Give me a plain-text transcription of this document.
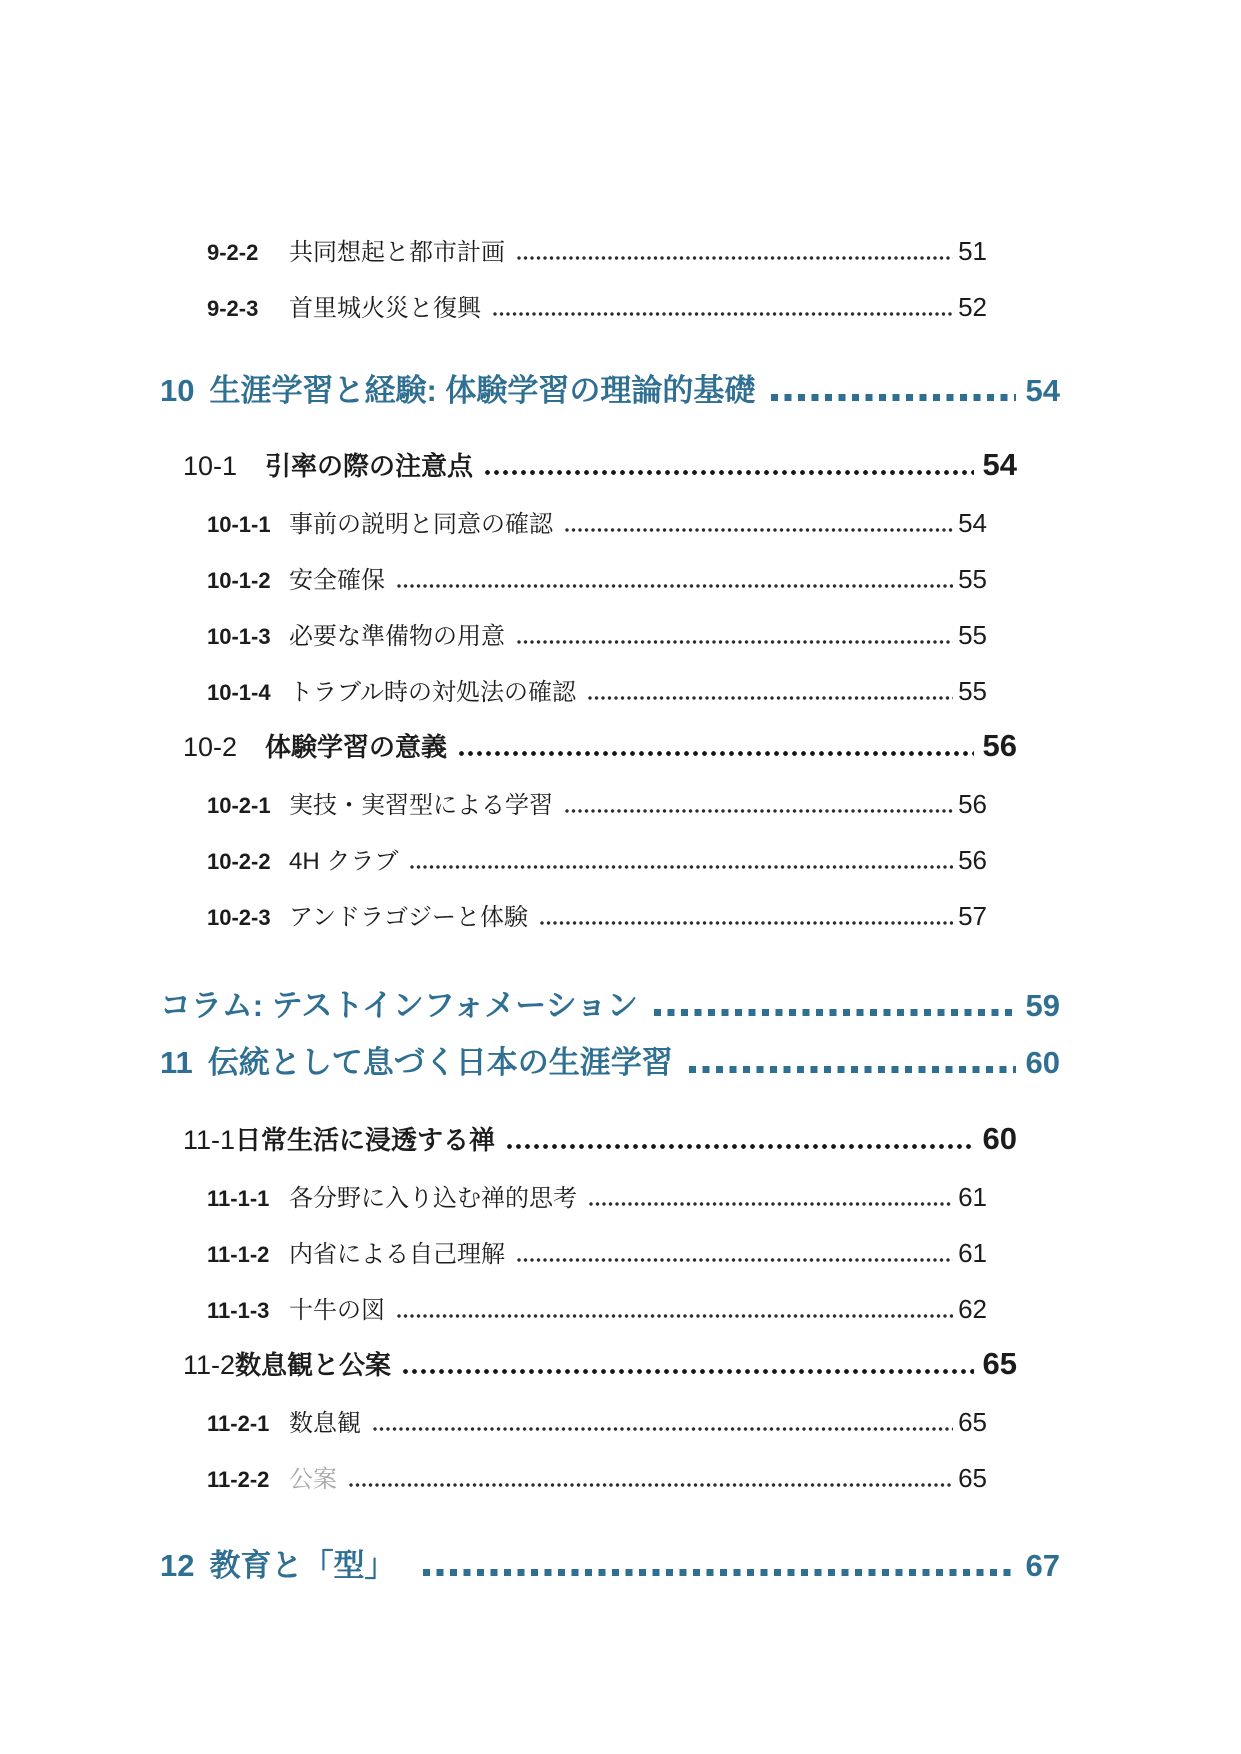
9-2-2	共同想起と都市計画	51
9-2-3	首里城火災と復興	52
10 生涯学習と経験: 体験学習の理論的基礎	54
10-1	引率の際の注意点	54
10-1-1 事前の説明と同意の確認	54
10-1-2 安全確保	55
10-1-3 必要な準備物の用意	55
10-1-4 トラブル時の対処法の確認	55
10-2	体験学習の意義	56
10-2-1 実技・実習型による学習	56
10-2-2 4H クラブ	56
10-2-3 アンドラゴジーと体験	57
コラム: テストインフォメーション	59
11 伝統として息づく日本の生涯学習	60
11-1 日常生活に浸透する禅	60
11-1-1 各分野に入り込む禅的思考	61
11-1-2 内省による自己理解	61
11-1-3 十牛の図	62
11-2 数息観と公案	65
11-2-1 数息観	65
11-2-2 公案	65
12 教育と「型」	67
